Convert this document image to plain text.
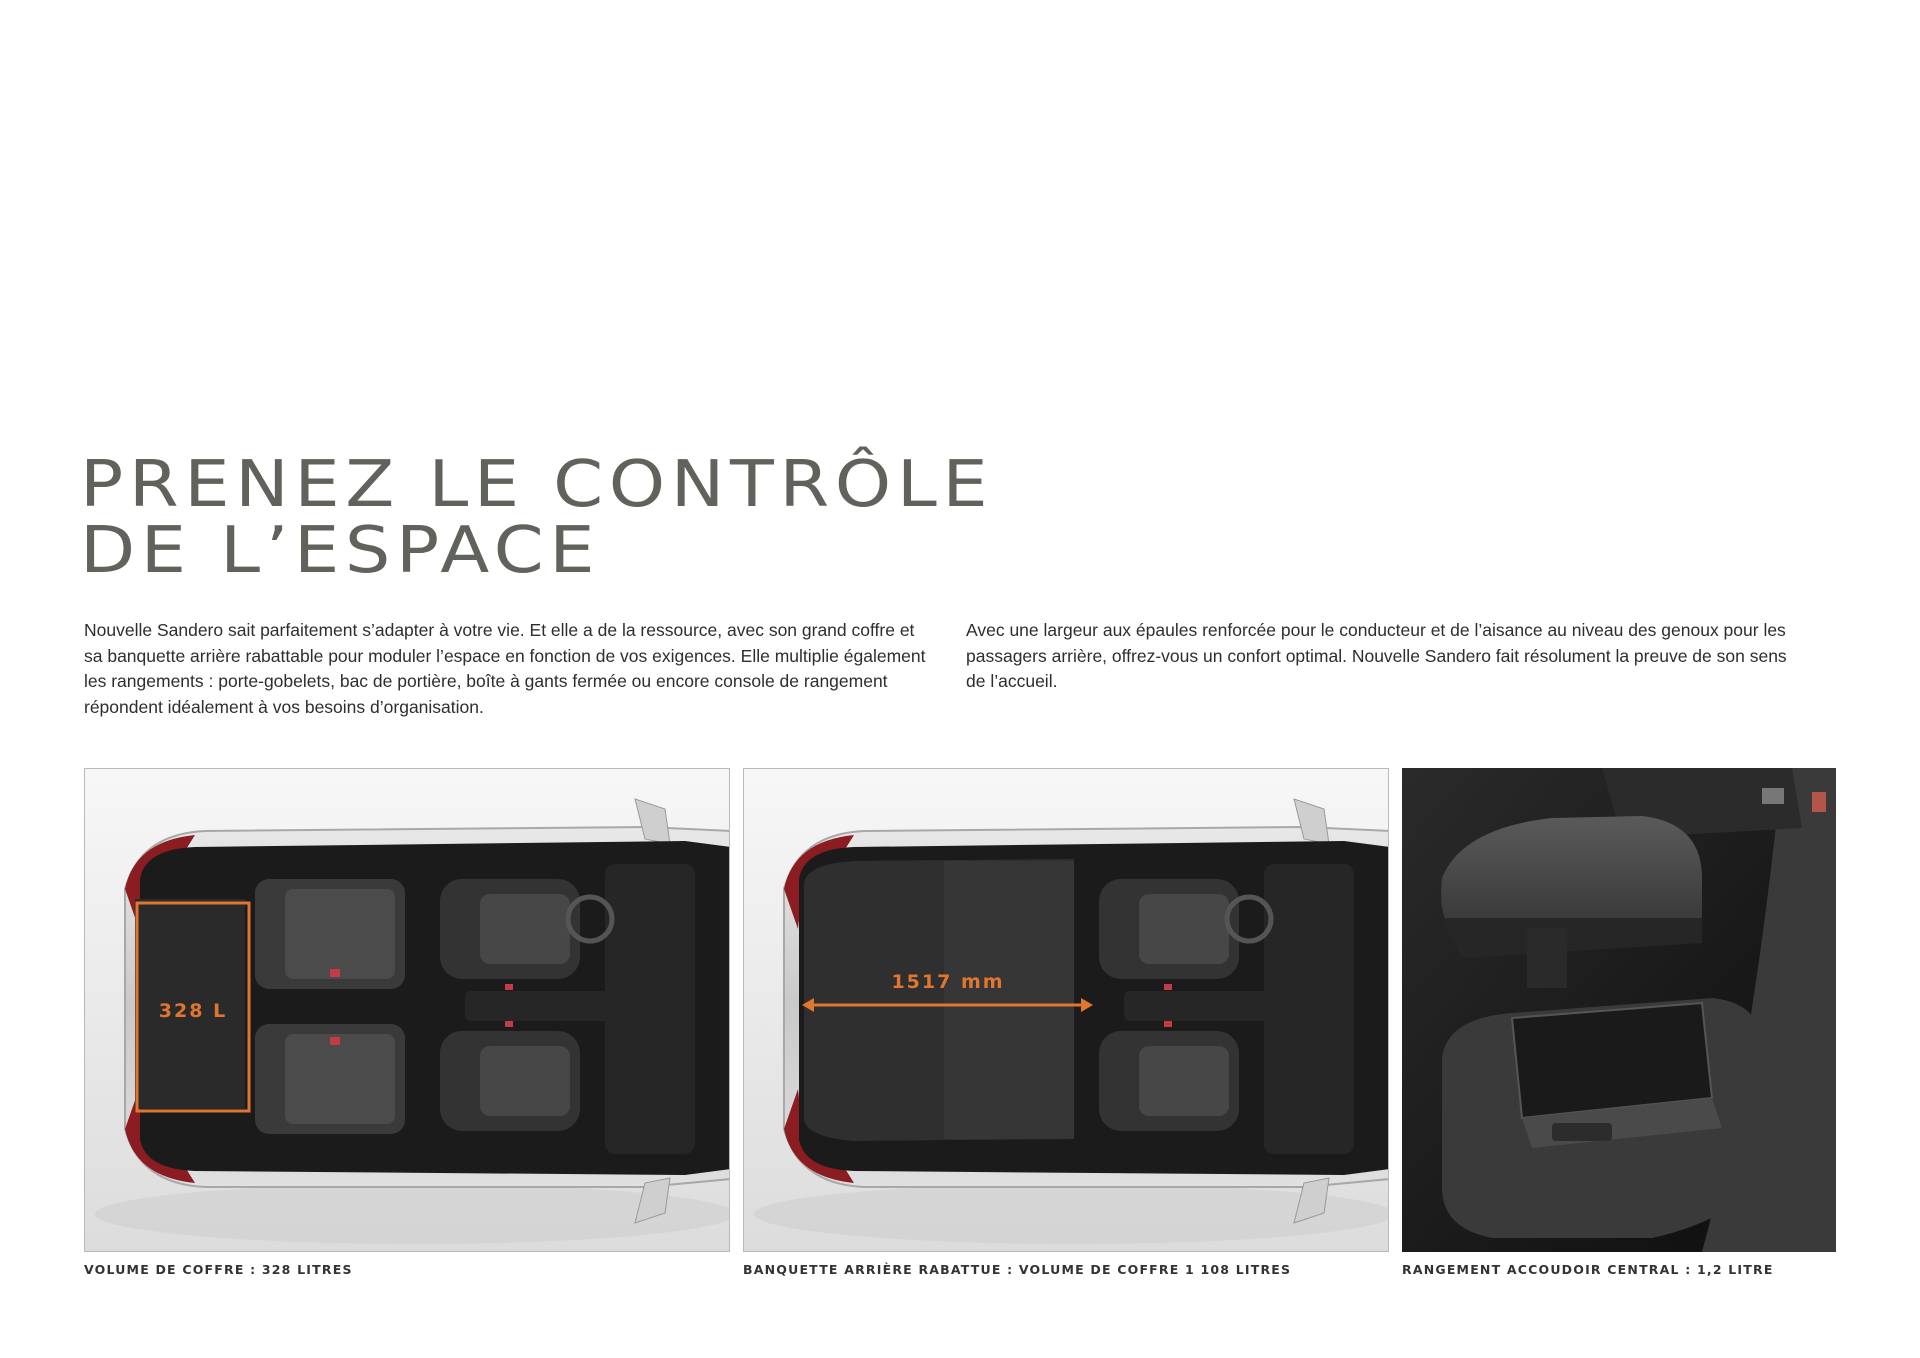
PRENEZ LE CONTRÔLE
DE L’ESPACE

Nouvelle Sandero sait parfaitement s’adapter à votre vie. Et elle a de la ressource, avec son grand coffre et sa banquette arrière rabattable pour moduler l’espace en fonction de vos exigences. Elle multiplie également les rangements : porte-gobelets, bac de portière, boîte à gants fermée ou encore console de rangement répondent idéalement à vos besoins d’organisation.

Avec une largeur aux épaules renforcée pour le conducteur et de l’aisance au niveau des genoux pour les passagers arrière, offrez-vous un confort optimal. Nouvelle Sandero fait résolument la preuve de son sens de l’accueil.

328 L
1517 mm

VOLUME DE COFFRE : 328 LITRES	BANQUETTE ARRIÈRE RABATTUE : VOLUME DE COFFRE 1 108 LITRES	RANGEMENT ACCOUDOIR CENTRAL : 1,2 LITRE
